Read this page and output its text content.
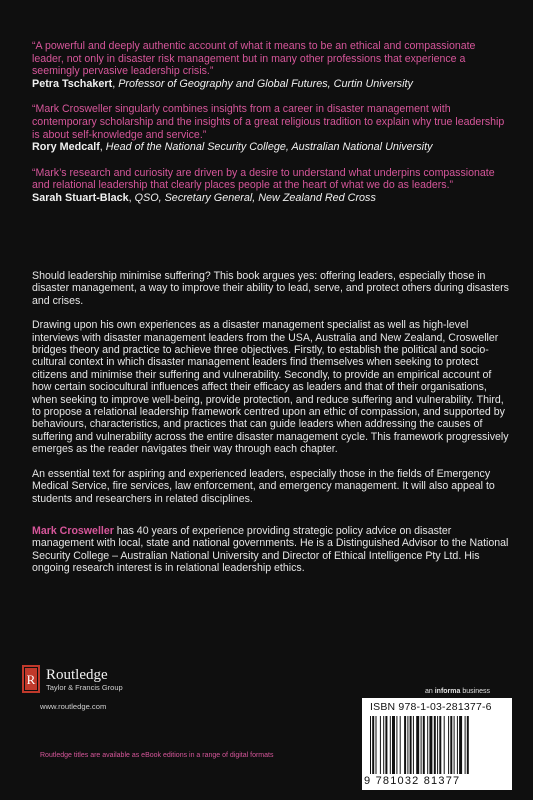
“A powerful and deeply authentic account of what it means to be an ethical and compassionate leader, not only in disaster risk management but in many other professions that experience a seemingly pervasive leadership crisis.”
Petra Tschakert, Professor of Geography and Global Futures, Curtin University
“Mark Crosweller singularly combines insights from a career in disaster management with contemporary scholarship and the insights of a great religious tradition to explain why true leadership is about self-knowledge and service.”
Rory Medcalf, Head of the National Security College, Australian National University
“Mark’s research and curiosity are driven by a desire to understand what underpins compassionate and relational leadership that clearly places people at the heart of what we do as leaders.”
Sarah Stuart-Black, QSO, Secretary General, New Zealand Red Cross

Should leadership minimise suffering? This book argues yes: offering leaders, especially those in disaster management, a way to improve their ability to lead, serve, and protect others during disasters and crises.

Drawing upon his own experiences as a disaster management specialist as well as high-level interviews with disaster management leaders from the USA, Australia and New Zealand, Crosweller bridges theory and practice to achieve three objectives. Firstly, to establish the political and socio-cultural context in which disaster management leaders find themselves when seeking to protect citizens and minimise their suffering and vulnerability. Secondly, to provide an empirical account of how certain sociocultural influences affect their efficacy as leaders and that of their organisations, when seeking to improve well-being, provide protection, and reduce suffering and vulnerability. Third, to propose a relational leadership framework centred upon an ethic of compassion, and supported by behaviours, characteristics, and practices that can guide leaders when addressing the causes of suffering and vulnerability across the entire disaster management cycle. This framework progressively emerges as the reader navigates their way through each chapter.

An essential text for aspiring and experienced leaders, especially those in the fields of Emergency Medical Service, fire services, law enforcement, and emergency management. It will also appeal to students and researchers in related disciplines.

Mark Crosweller has 40 years of experience providing strategic policy advice on disaster management with local, state and national governments. He is a Distinguished Advisor to the National Security College – Australian National University and Director of Ethical Intelligence Pty Ltd. His ongoing research interest is in relational leadership ethics.

R Routledge
Taylor & Francis Group
www.routledge.com
Routledge titles are available as eBook editions in a range of digital formats
an informa business
ISBN 978-1-03-281377-6
9 781032 81377
